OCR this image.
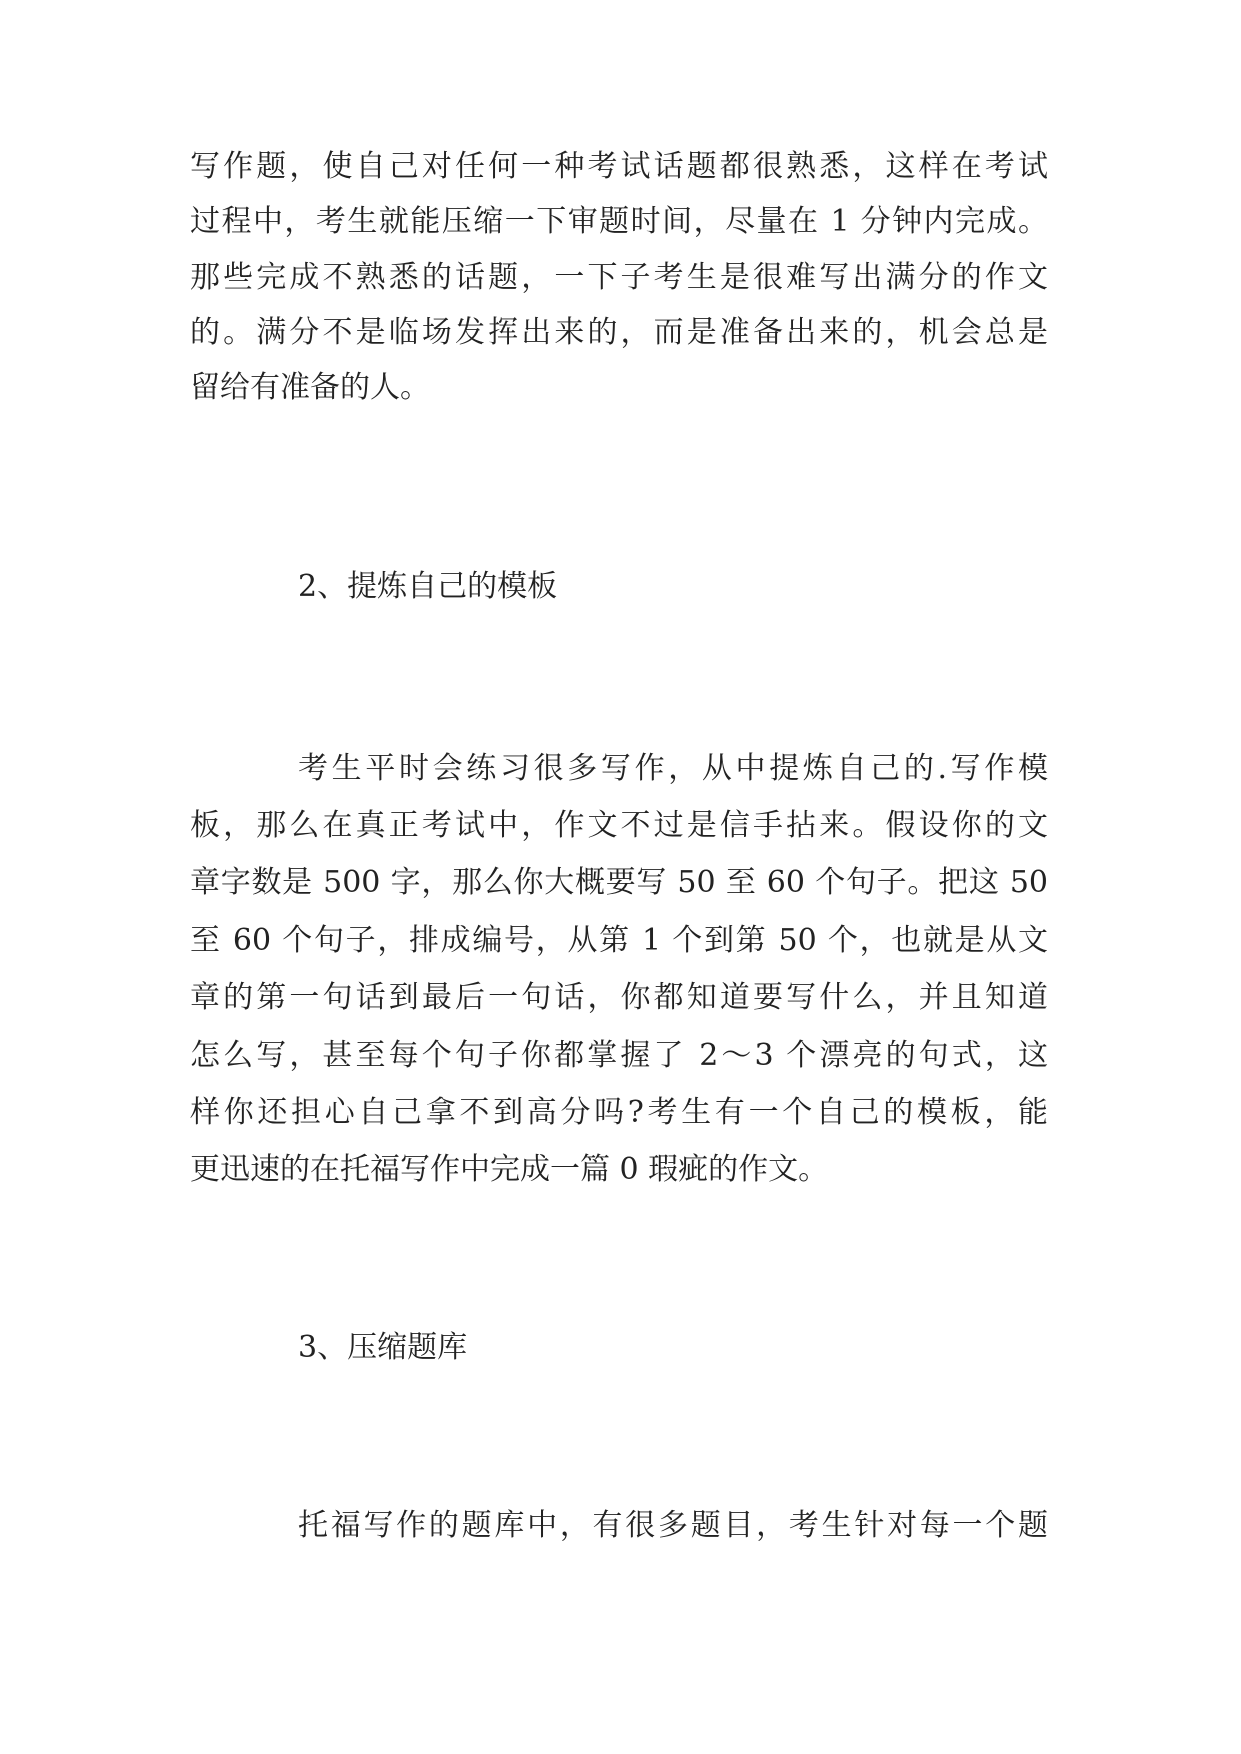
写作题，使自己对任何一种考试话题都很熟悉，这样在考试
过程中，考生就能压缩一下审题时间，尽量在 1 分钟内完成。
那些完成不熟悉的话题，一下子考生是很难写出满分的作文
的。满分不是临场发挥出来的，而是准备出来的，机会总是
留给有准备的人。
2、提炼自己的模板
考生平时会练习很多写作，从中提炼自己的.写作模
板，那么在真正考试中，作文不过是信手拈来。假设你的文
章字数是 500 字，那么你大概要写 50 至 60 个句子。把这 50
至 60 个句子，排成编号，从第 1 个到第 50 个，也就是从文
章的第一句话到最后一句话，你都知道要写什么，并且知道
怎么写，甚至每个句子你都掌握了 2～3 个漂亮的句式，这
样你还担心自己拿不到高分吗?考生有一个自己的模板，能
更迅速的在托福写作中完成一篇 0 瑕疵的作文。
3、压缩题库
托福写作的题库中，有很多题目，考生针对每一个题
